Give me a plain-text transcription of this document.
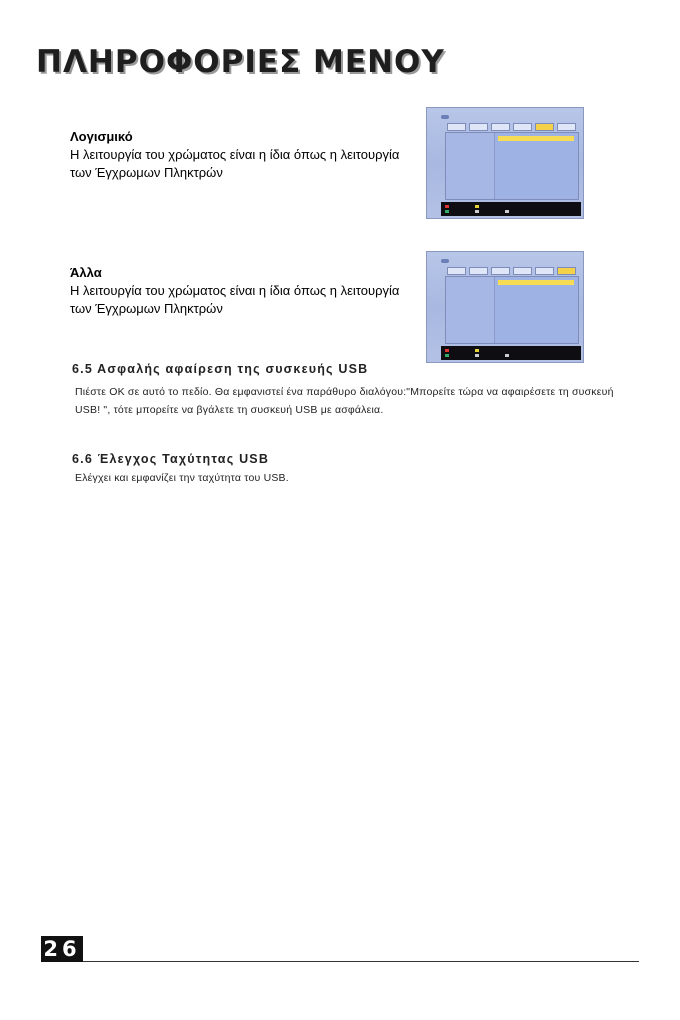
ΠΛΗΡΟΦΟΡΙΕΣ ΜΕΝΟΥ
Λογισμικό
Η λειτουργία του χρώματος είναι η ίδια όπως η λειτουργία των Έγχρωμων Πληκτρών
Άλλα
Η λειτουργία του χρώματος είναι η ίδια όπως η λειτουργία των Έγχρωμων Πληκτρών
6.5 Ασφαλής αφαίρεση της συσκευής USB
Πιέστε OK σε αυτό το πεδίο. Θα εμφανιστεί ένα παράθυρο διαλόγου:"Μπορείτε τώρα να αφαιρέσετε τη συσκευή USB! ", τότε μπορείτε να βγάλετε τη συσκευή USB με ασφάλεια.
6.6 Έλεγχος Ταχύτητας USB
Ελέγχει και εμφανίζει την ταχύτητα του USB.
26
